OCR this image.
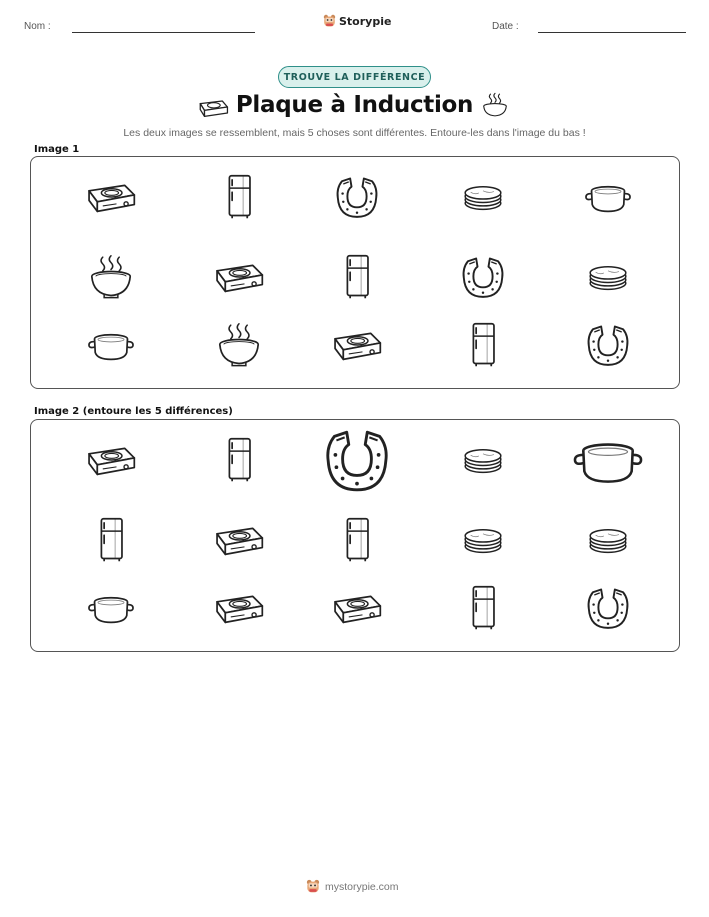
Nom :	Storypie	Date :
TROUVE LA DIFFÉRENCE
Plaque à Induction
Les deux images se ressemblent, mais 5 choses sont différentes. Entoure-les dans l'image du bas !
Image 1
Image 2 (entoure les 5 différences)
mystorypie.com
